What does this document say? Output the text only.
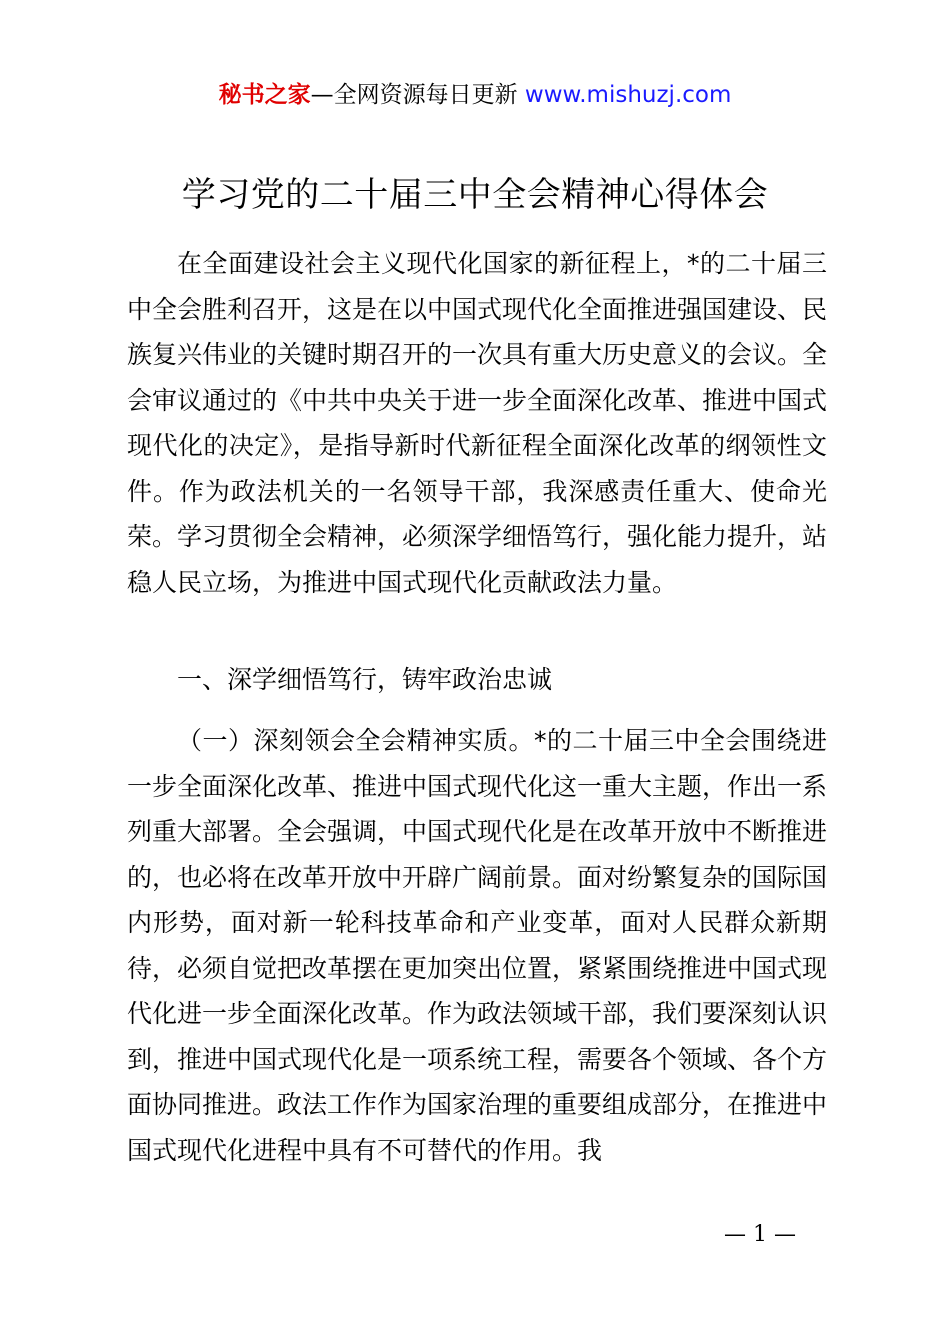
秘书之家—全网资源每日更新 www.mishuzj.com
学习党的二十届三中全会精神心得体会

在全面建设社会主义现代化国家的新征程上，*的二十届三中全会胜利召开，这是在以中国式现代化全面推进强国建设、民族复兴伟业的关键时期召开的一次具有重大历史意义的会议。全会审议通过的《中共中央关于进一步全面深化改革、推进中国式现代化的决定》，是指导新时代新征程全面深化改革的纲领性文件。作为政法机关的一名领导干部，我深感责任重大、使命光荣。学习贯彻全会精神，必须深学细悟笃行，强化能力提升，站稳人民立场，为推进中国式现代化贡献政法力量。

一、深学细悟笃行，铸牢政治忠诚

（一）深刻领会全会精神实质。*的二十届三中全会围绕进一步全面深化改革、推进中国式现代化这一重大主题，作出一系列重大部署。全会强调，中国式现代化是在改革开放中不断推进的，也必将在改革开放中开辟广阔前景。面对纷繁复杂的国际国内形势，面对新一轮科技革命和产业变革，面对人民群众新期待，必须自觉把改革摆在更加突出位置，紧紧围绕推进中国式现代化进一步全面深化改革。作为政法领域干部，我们要深刻认识到，推进中国式现代化是一项系统工程，需要各个领域、各个方面协同推进。政法工作作为国家治理的重要组成部分，在推进中国式现代化进程中具有不可替代的作用。我

— 1 —
